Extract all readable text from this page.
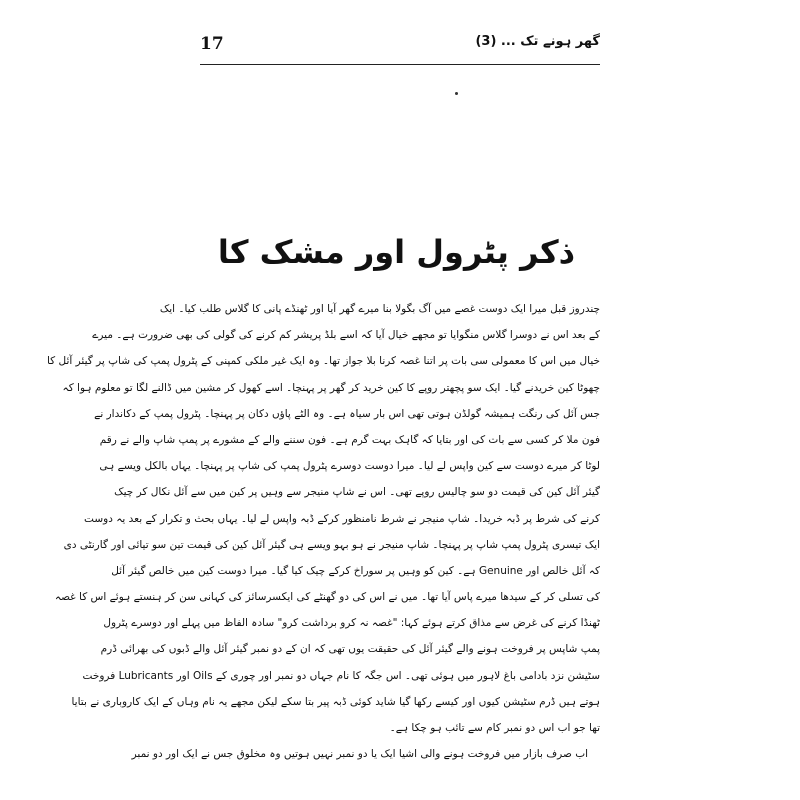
17	گھر ہونے تک ... (3)
ذکر پٹرول اور مشک کا
چندروز قبل میرا ایک دوست غصے میں آگ بگولا بنا میرے گھر آیا اور ٹھنڈے پانی کا گلاس طلب کیا۔ ایک
کے بعد اس نے دوسرا گلاس منگوایا تو مجھے خیال آیا کہ اسے بلڈ پریشر کم کرنے کی گولی کی بھی ضرورت ہے۔ میرے
خیال میں اس کا معمولی سی بات پر اتنا غصہ کرنا بلا جواز تھا۔ وہ ایک غیر ملکی کمپنی کے پٹرول پمپ کی شاپ پر گیئر آئل کا
چھوٹا کین خریدنے گیا۔ ایک سو پچھتر روپے کا کین خرید کر گھر پر پہنچا۔ اسے کھول کر مشین میں ڈالنے لگا تو معلوم ہوا کہ
جس آئل کی رنگت ہمیشہ گولڈن ہوتی تھی اس بار سیاہ ہے۔ وہ الٹے پاؤں دکان پر پہنچا۔ پٹرول پمپ کے دکاندار نے
فون ملا کر کسی سے بات کی اور بتایا کہ گاہک بہت گرم ہے۔ فون سننے والے کے مشورے پر پمپ شاپ والے نے رقم
لوٹا کر میرے دوست سے کین واپس لے لیا۔ میرا دوست دوسرے پٹرول پمپ کی شاپ پر پہنچا۔ یہاں بالکل ویسے ہی
گیئر آئل کین کی قیمت دو سو چالیس روپے تھی۔ اس نے شاپ منیجر سے وہیں پر کین میں سے آئل نکال کر چیک
کرنے کی شرط پر ڈبہ خریدا۔ شاپ منیجر نے شرط نامنظور کرکے ڈبہ واپس لے لیا۔ یہاں بحث و تکرار کے بعد یہ دوست
ایک تیسری پٹرول پمپ شاپ پر پہنچا۔ شاپ منیجر نے ہو بہو ویسے ہی گیئر آئل کین کی قیمت تین سو تیائی اور گارنٹی دی
کہ آئل خالص اور Genuine ہے۔ کین کو وہیں پر سوراخ کرکے چیک کیا گیا۔ میرا دوست کین میں خالص گیئر آئل
کی تسلی کر کے سیدھا میرے پاس آیا تھا۔ میں نے اس کی دو گھنٹے کی ایکسرسائز کی کہانی سن کر ہنستے ہوئے اس کا غصہ
ٹھنڈا کرنے کی غرض سے مذاق کرتے ہوئے کہا: "غصہ نہ کرو برداشت کرو" سادہ الفاظ میں پہلے اور دوسرے پٹرول
پمپ شاپس پر فروخت ہونے والے گیئر آئل کی حقیقت یوں تھی کہ ان کے دو نمبر گیئر آئل والے ڈبوں کی بھرائی ڈرم
سٹیشن نزد بادامی باغ لاہور میں ہوئی تھی۔ اس جگہ کا نام جہاں دو نمبر اور چوری کے Oils اور Lubricants فروخت
ہوتے ہیں ڈرم سٹیشن کیوں اور کیسے رکھا گیا شاید کوئی ڈبہ پیر بتا سکے لیکن مجھے یہ نام وہاں کے ایک کاروباری نے بتایا
تھا جو اب اس دو نمبر کام سے تائب ہو چکا ہے۔
اب صرف بازار میں فروخت ہونے والی اشیا ایک یا دو نمبر نہیں ہوتیں وہ مخلوق جس نے ایک اور دو نمبر
